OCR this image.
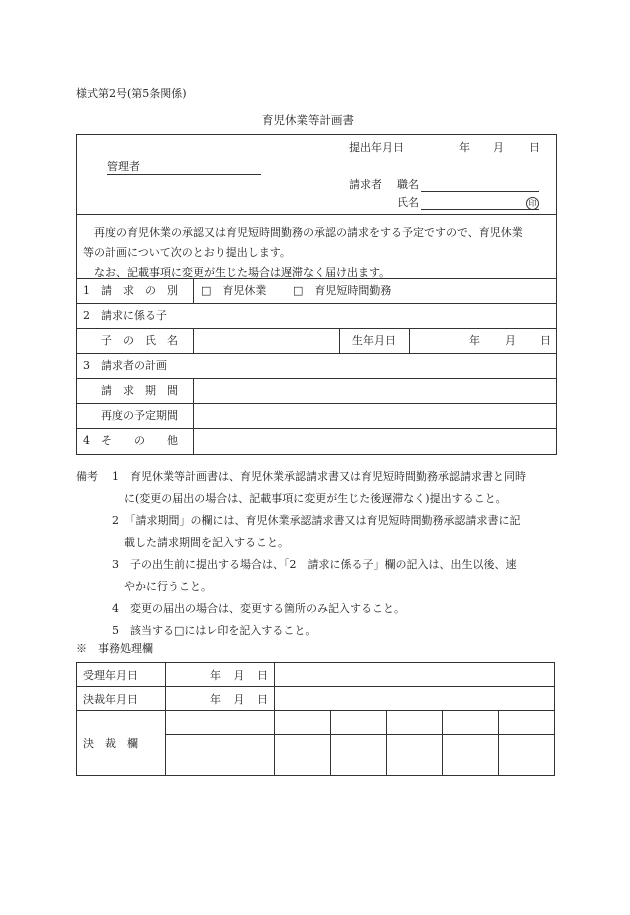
様式第2号(第5条関係)
育児休業等計画書
提出年月日	年 月 日
管理者
請求者 職名
氏名	印

再度の育児休業の承認又は育児短時間勤務の承認の請求をする予定ですので、育児休業

等の計画について次のとおり提出します。

なお、記載事項に変更が生じた場合は遅滞なく届け出ます。

1　請　求　の　別 □　育児休業 □　育児短時間勤務
2　請求に係る子
子　の　氏　名	生年月日	年 月 日
3　請求者の計画
請　求　期　間
再度の予定期間
4　そ　　の　　他
備考 1　育児休業等計画書は、育児休業承認請求書又は育児短時間勤務承認請求書と同時
に(変更の届出の場合は、記載事項に変更が生じた後遅滞なく)提出すること。
2　「請求期間」の欄には、育児休業承認請求書又は育児短時間勤務承認請求書に記
載した請求期間を記入すること。
3　子の出生前に提出する場合は、「2　請求に係る子」欄の記入は、出生以後、速
やかに行うこと。
4　変更の届出の場合は、変更する箇所のみ記入すること。
5　該当する□にはレ印を記入すること。
※　事務処理欄
受理年月日	年 月 日					

決裁年月日	年 月 日					

決　裁　欄						
